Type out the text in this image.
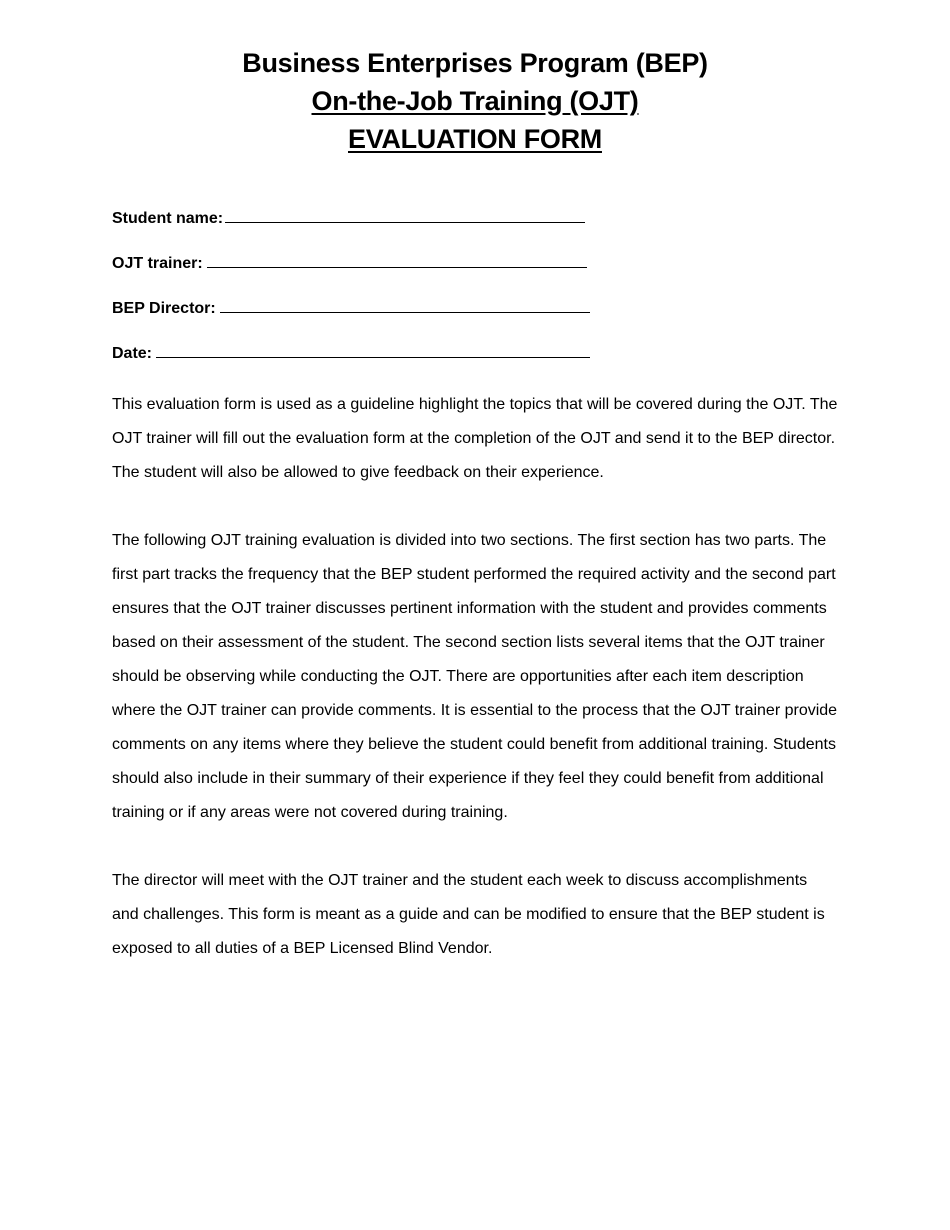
Business Enterprises Program (BEP)
On-the-Job Training (OJT)
EVALUATION FORM
Student name:
OJT trainer:
BEP Director:
Date:

This evaluation form is used as a guideline highlight the topics that will be covered during the OJT. The OJT trainer will fill out the evaluation form at the completion of the OJT and send it to the BEP director. The student will also be allowed to give feedback on their experience.

The following OJT training evaluation is divided into two sections. The first section has two parts. The first part tracks the frequency that the BEP student performed the required activity and the second part ensures that the OJT trainer discusses pertinent information with the student and provides comments based on their assessment of the student. The second section lists several items that the OJT trainer should be observing while conducting the OJT. There are opportunities after each item description where the OJT trainer can provide comments. It is essential to the process that the OJT trainer provide comments on any items where they believe the student could benefit from additional training. Students should also include in their summary of their experience if they feel they could benefit from additional training or if any areas were not covered during training.

The director will meet with the OJT trainer and the student each week to discuss accomplishments and challenges. This form is meant as a guide and can be modified to ensure that the BEP student is exposed to all duties of a BEP Licensed Blind Vendor.
